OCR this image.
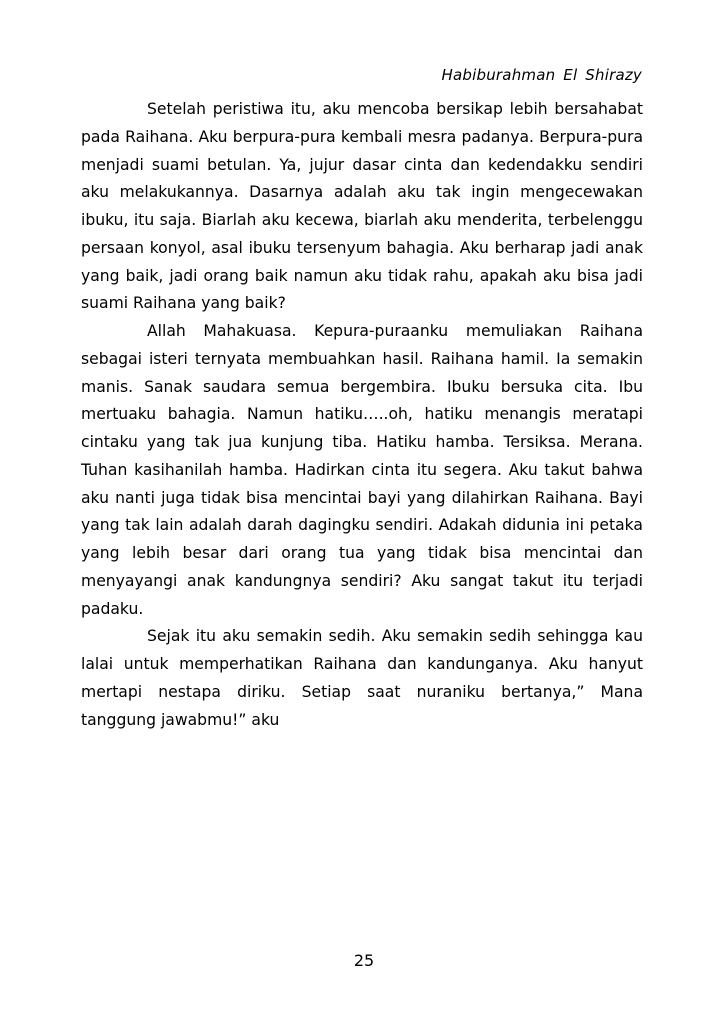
Habiburahman El Shirazy

Setelah peristiwa itu, aku mencoba bersikap lebih bersahabat pada Raihana. Aku berpura-pura kembali mesra padanya. Berpura-pura menjadi suami betulan. Ya, jujur dasar cinta dan kedendakku sendiri aku melakukannya. Dasarnya adalah aku tak ingin mengecewakan ibuku, itu saja. Biarlah aku kecewa, biarlah aku menderita, terbelenggu persaan konyol, asal ibuku tersenyum bahagia. Aku berharap jadi anak yang baik, jadi orang baik namun aku tidak rahu, apakah aku bisa jadi suami Raihana yang baik?

Allah Mahakuasa. Kepura-puraanku memuliakan Raihana sebagai isteri ternyata membuahkan hasil. Raihana hamil. Ia semakin manis. Sanak saudara semua bergembira. Ibuku bersuka cita. Ibu mertuaku bahagia. Namun hatiku…..oh, hatiku menangis meratapi cintaku yang tak jua kunjung tiba. Hatiku hamba. Tersiksa. Merana. Tuhan kasihanilah hamba. Hadirkan cinta itu segera. Aku takut bahwa aku nanti juga tidak bisa mencintai bayi yang dilahirkan Raihana. Bayi yang tak lain adalah darah dagingku sendiri. Adakah didunia ini petaka yang lebih besar dari orang tua yang tidak bisa mencintai dan menyayangi anak kandungnya sendiri? Aku sangat takut itu terjadi padaku.

Sejak itu aku semakin sedih. Aku semakin sedih sehingga kau lalai untuk memperhatikan Raihana dan kandunganya. Aku hanyut mertapi nestapa diriku. Setiap saat nuraniku bertanya,” Mana tanggung jawabmu!” aku

25
